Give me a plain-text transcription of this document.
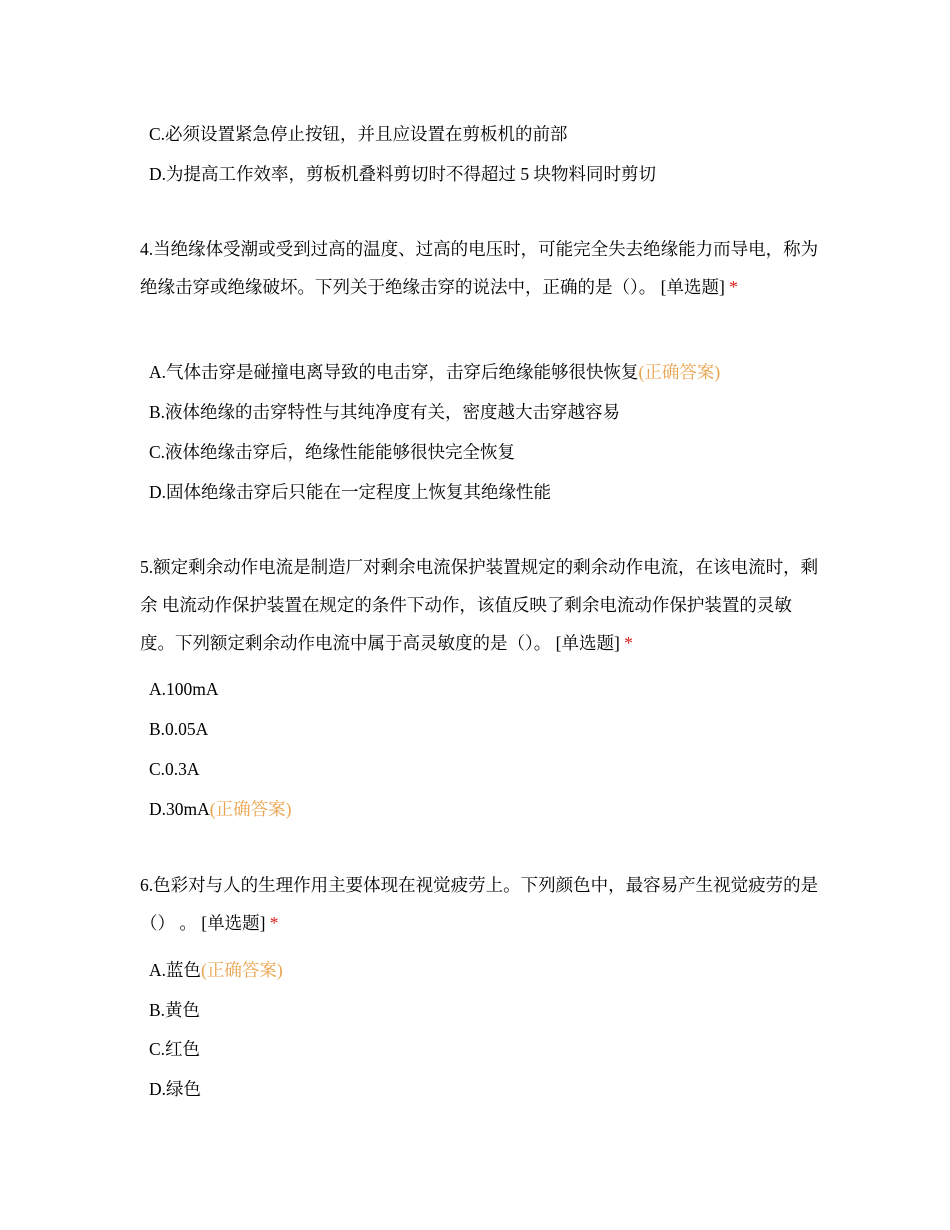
C.必须设置紧急停止按钮，并且应设置在剪板机的前部
D.为提高工作效率，剪板机叠料剪切时不得超过 5 块物料同时剪切
4.当绝缘体受潮或受到过高的温度、过高的电压时，可能完全失去绝缘能力而导电，称为绝缘击穿或绝缘破坏。下列关于绝缘击穿的说法中，正确的是（）。 [单选题] *
A.气体击穿是碰撞电离导致的电击穿，击穿后绝缘能够很快恢复(正确答案)
B.液体绝缘的击穿特性与其纯净度有关，密度越大击穿越容易
C.液体绝缘击穿后，绝缘性能能够很快完全恢复
D.固体绝缘击穿后只能在一定程度上恢复其绝缘性能
5.额定剩余动作电流是制造厂对剩余电流保护装置规定的剩余动作电流，在该电流时，剩余 电流动作保护装置在规定的条件下动作，该值反映了剩余电流动作保护装置的灵敏度。下列额定剩余动作电流中属于高灵敏度的是（）。 [单选题] *
A.100mA
B.0.05A
C.0.3A
D.30mA(正确答案)
6.色彩对与人的生理作用主要体现在视觉疲劳上。下列颜色中，最容易产生视觉疲劳的是（） 。 [单选题] *
A.蓝色(正确答案)
B.黄色
C.红色
D.绿色
